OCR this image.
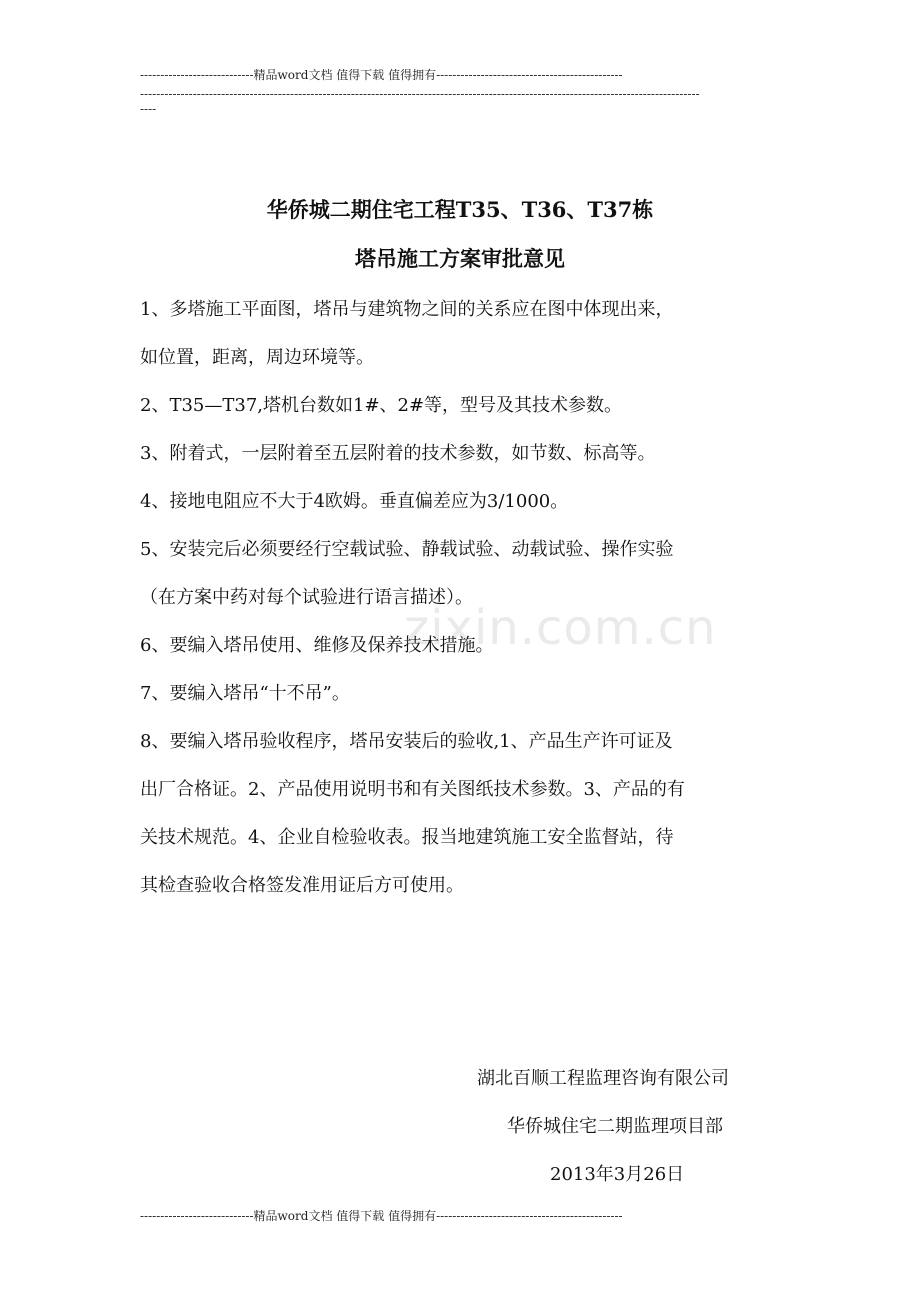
----------------------------精品word文档 值得下载 值得拥有----------------------------------------------
------------------------------------------------------------------------------------------------------------------------------------------
----
华侨城二期住宅工程T35、T36、T37栋
塔吊施工方案审批意见
1、多塔施工平面图，塔吊与建筑物之间的关系应在图中体现出来，
如位置，距离，周边环境等。
2、T35—T37,塔机台数如1#、2#等，型号及其技术参数。
3、附着式，一层附着至五层附着的技术参数，如节数、标高等。
4、接地电阻应不大于4欧姆。垂直偏差应为3/1000。
5、安装完后必须要经行空载试验、静载试验、动载试验、操作实验
（在方案中药对每个试验进行语言描述）。
6、要编入塔吊使用、维修及保养技术措施。
7、要编入塔吊“十不吊”。
8、要编入塔吊验收程序，塔吊安装后的验收,1、产品生产许可证及
出厂合格证。2、产品使用说明书和有关图纸技术参数。3、产品的有
关技术规范。4、企业自检验收表。报当地建筑施工安全监督站，待
其检查验收合格签发准用证后方可使用。
zixin.com.cn
湖北百顺工程监理咨询有限公司
华侨城住宅二期监理项目部
2013年3月26日
----------------------------精品word文档 值得下载 值得拥有----------------------------------------------
